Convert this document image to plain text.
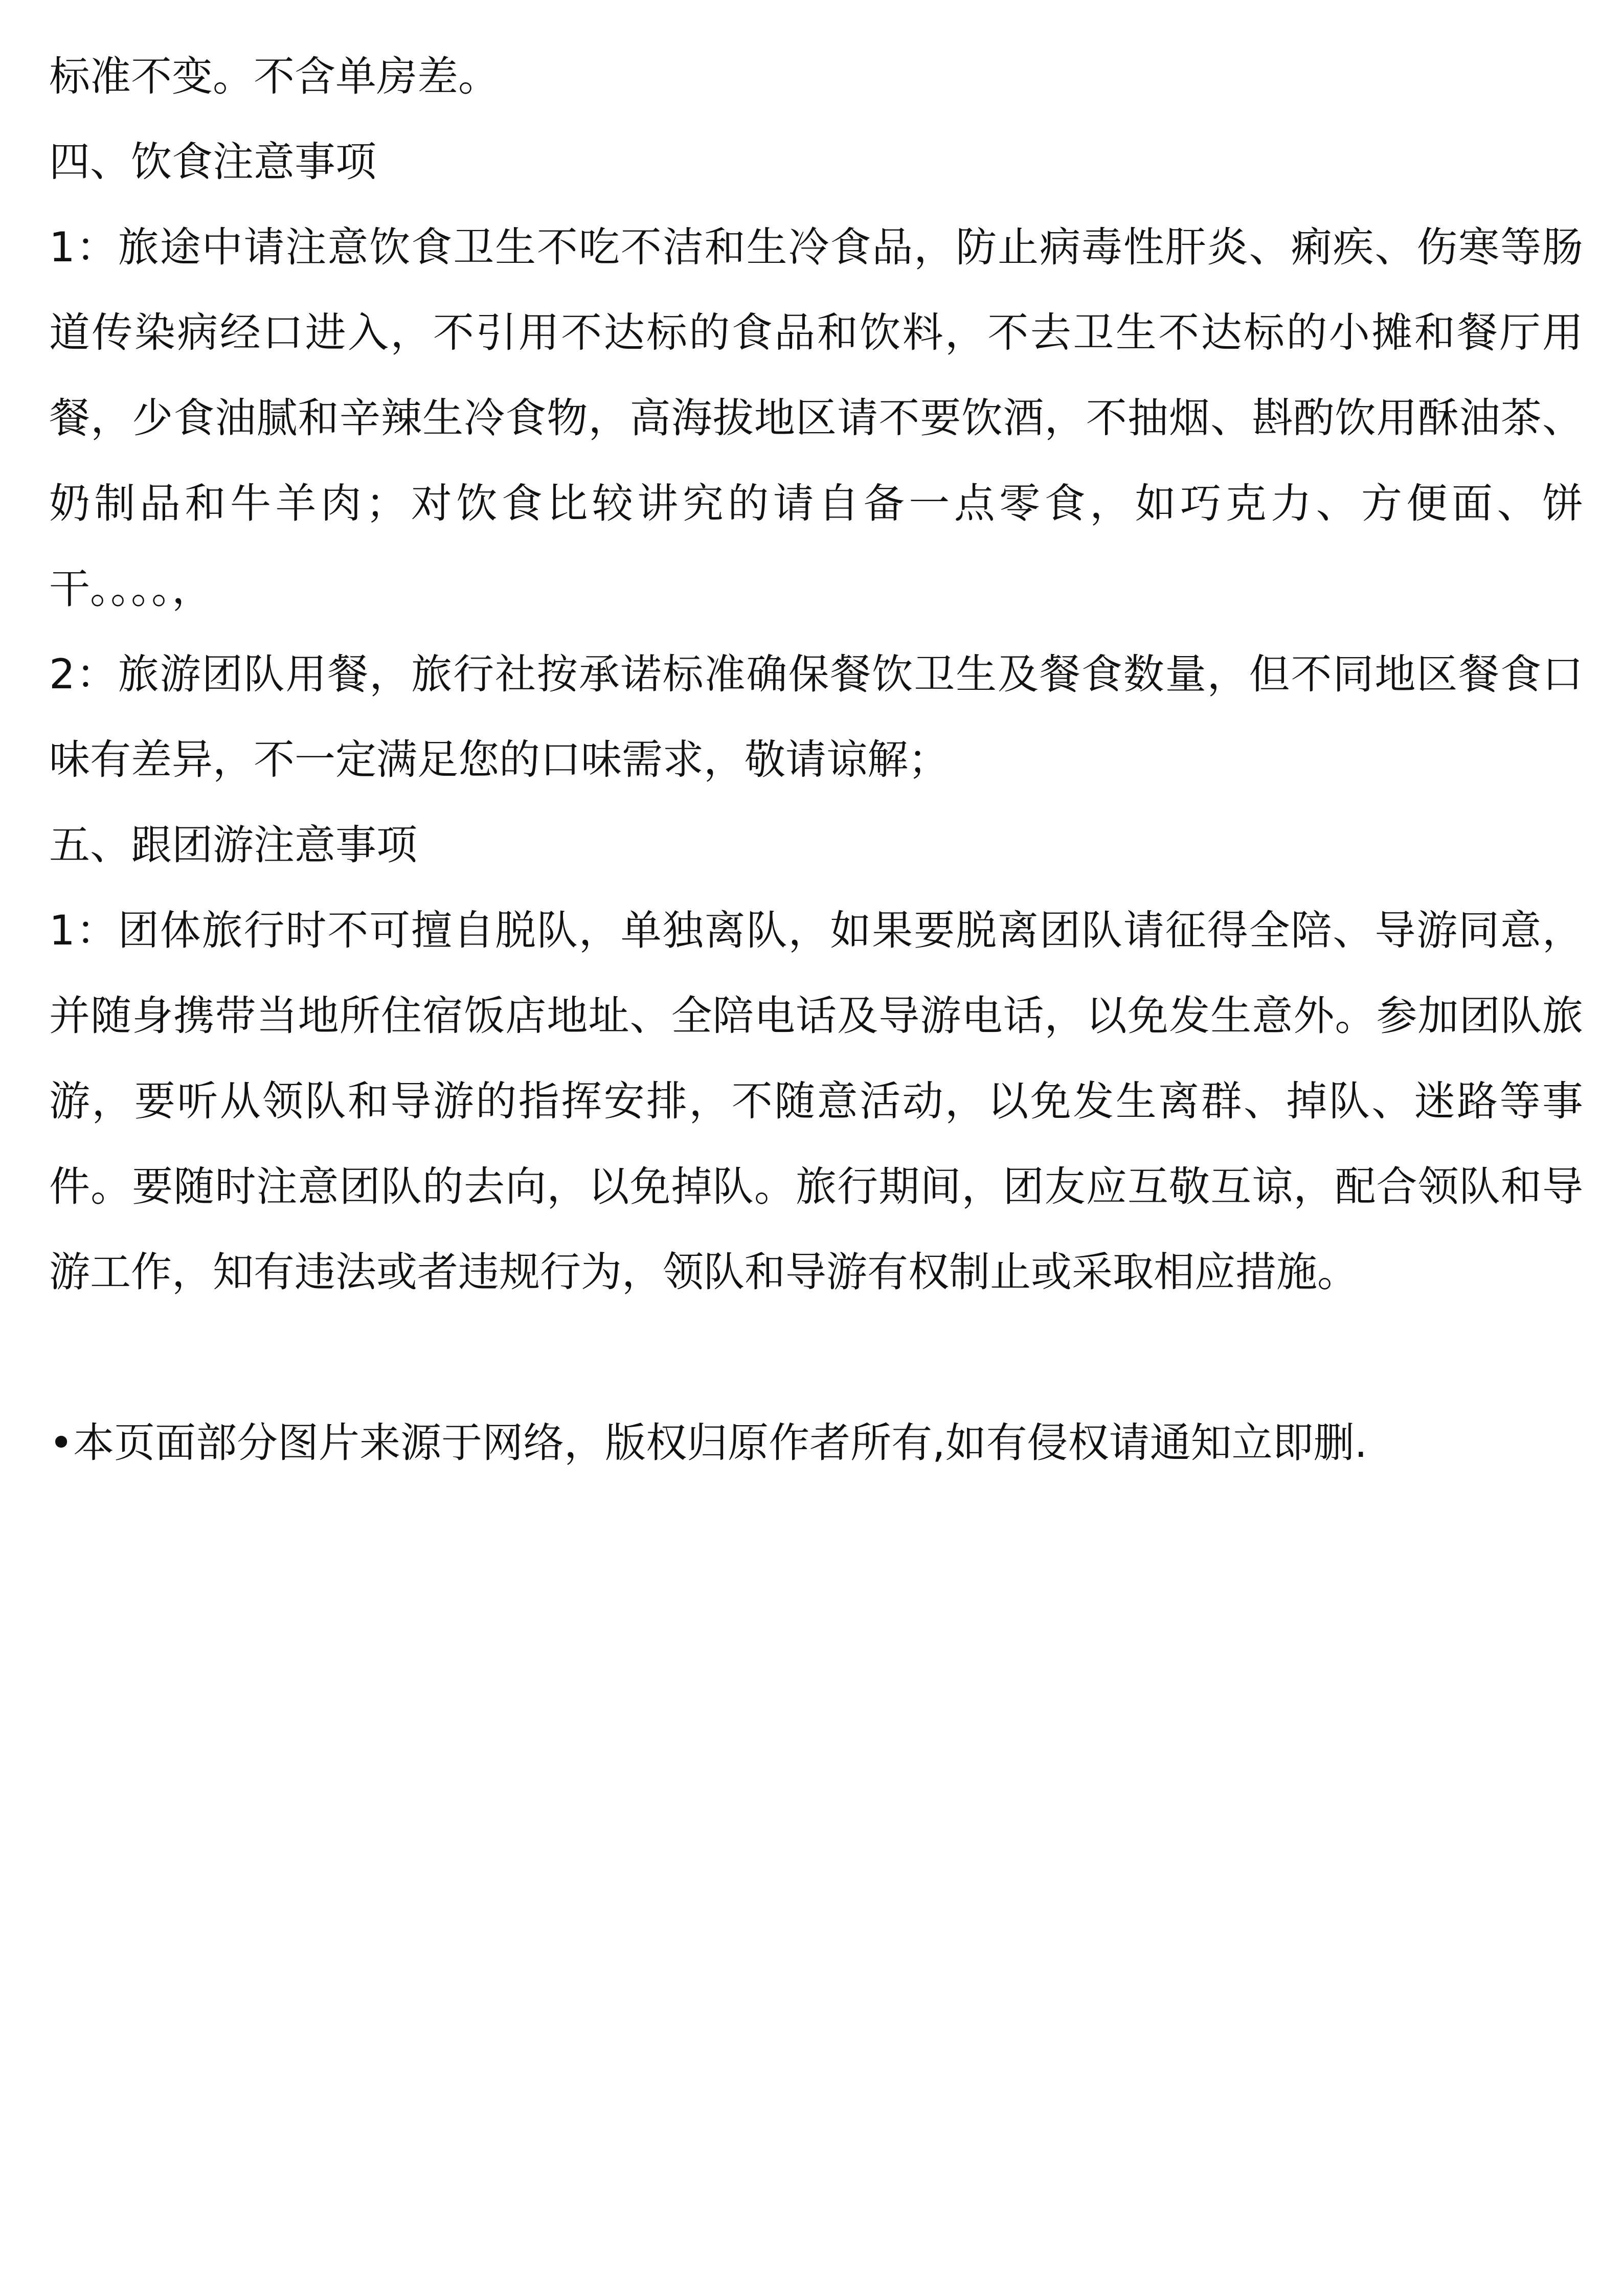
标准不变。不含单房差。

四、饮食注意事项

1：旅途中请注意饮食卫生不吃不洁和生冷食品，防止病毒性肝炎、痢疾、伤寒等肠道传染病经口进入，不引用不达标的食品和饮料，不去卫生不达标的小摊和餐厅用餐，少食油腻和辛辣生冷食物，高海拔地区请不要饮酒，不抽烟、斟酌饮用酥油茶、奶制品和牛羊肉；对饮食比较讲究的请自备一点零食，如巧克力、方便面、饼干。。。。，

2：旅游团队用餐，旅行社按承诺标准确保餐饮卫生及餐食数量，但不同地区餐食口味有差异，不一定满足您的口味需求，敬请谅解；

五、跟团游注意事项

1：团体旅行时不可擅自脱队，单独离队，如果要脱离团队请征得全陪、导游同意，并随身携带当地所住宿饭店地址、全陪电话及导游电话，以免发生意外。参加团队旅游，要听从领队和导游的指挥安排，不随意活动，以免发生离群、掉队、迷路等事件。要随时注意团队的去向，以免掉队。旅行期间，团友应互敬互谅，配合领队和导游工作，知有违法或者违规行为，领队和导游有权制止或采取相应措施。

•本页面部分图片来源于网络，版权归原作者所有,如有侵权请通知立即删.
